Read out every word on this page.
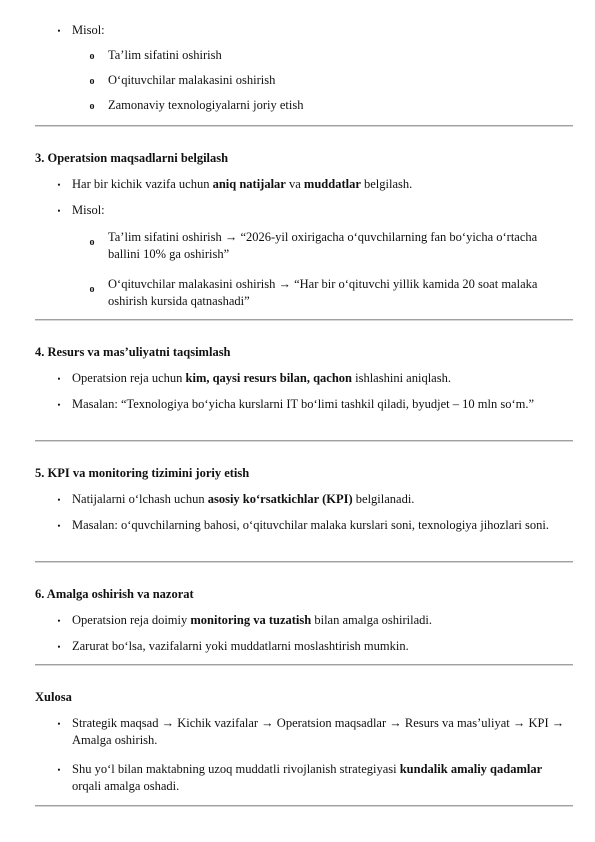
• Misol:
o Ta’lim sifatini oshirish
o O‘qituvchilar malakasini oshirish
o Zamonaviy texnologiyalarni joriy etish
3. Operatsion maqsadlarni belgilash
• Har bir kichik vazifa uchun aniq natijalar va muddatlar belgilash.
• Misol:
o Ta’lim sifatini oshirish → “2026-yil oxirigacha o‘quvchilarning fan bo‘yicha o‘rtacha ballini 10% ga oshirish”
o O‘qituvchilar malakasini oshirish → “Har bir o‘qituvchi yillik kamida 20 soat malaka oshirish kursida qatnashadi”
4. Resurs va mas’uliyatni taqsimlash
• Operatsion reja uchun kim, qaysi resurs bilan, qachon ishlashini aniqlash.
• Masalan: “Texnologiya bo‘yicha kurslarni IT bo‘limi tashkil qiladi, byudjet – 10 mln so‘m.”
5. KPI va monitoring tizimini joriy etish
• Natijalarni o‘lchash uchun asosiy ko‘rsatkichlar (KPI) belgilanadi.
• Masalan: o‘quvchilarning bahosi, o‘qituvchilar malaka kurslari soni, texnologiya jihozlari soni.
6. Amalga oshirish va nazorat
• Operatsion reja doimiy monitoring va tuzatish bilan amalga oshiriladi.
• Zarurat bo‘lsa, vazifalarni yoki muddatlarni moslashtirish mumkin.
Xulosa
• Strategik maqsad → Kichik vazifalar → Operatsion maqsadlar → Resurs va mas’uliyat → KPI → Amalga oshirish.
• Shu yo‘l bilan maktabning uzoq muddatli rivojlanish strategiyasi kundalik amaliy qadamlar orqali amalga oshadi.
